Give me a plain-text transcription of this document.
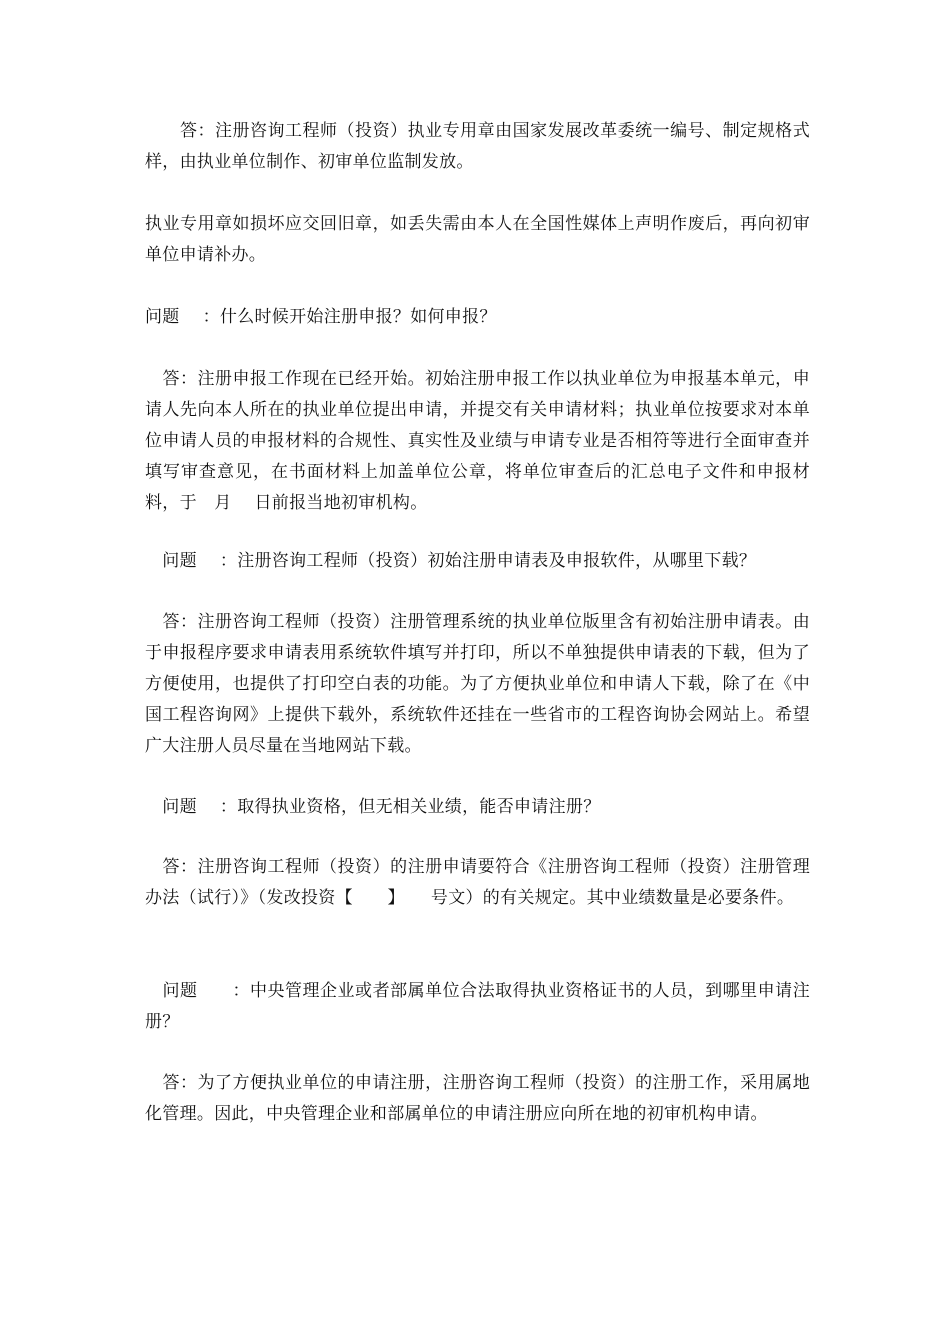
　　答：注册咨询工程师（投资）执业专用章由国家发展改革委统一编号、制定规格式样，由执业单位制作、初审单位监制发放。

执业专用章如损坏应交回旧章，如丢失需由本人在全国性媒体上声明作废后，再向初审单位申请补办。

问题　 ：什么时候开始注册申报？如何申报？

　答：注册申报工作现在已经开始。初始注册申报工作以执业单位为申报基本单元，申请人先向本人所在的执业单位提出申请，并提交有关申请材料；执业单位按要求对本单位申请人员的申报材料的合规性、真实性及业绩与申请专业是否相符等进行全面审查并填写审查意见，在书面材料上加盖单位公章，将单位审查后的汇总电子文件和申报材料，于　月　 日前报当地初审机构。

　问题　 ：注册咨询工程师（投资）初始注册申请表及申报软件，从哪里下载？

　答：注册咨询工程师（投资）注册管理系统的执业单位版里含有初始注册申请表。由于申报程序要求申请表用系统软件填写并打印，所以不单独提供申请表的下载，但为了方便使用，也提供了打印空白表的功能。为了方便执业单位和申请人下载，除了在《中国工程咨询网》上提供下载外，系统软件还挂在一些省市的工程咨询协会网站上。希望广大注册人员尽量在当地网站下载。

　问题　 ：取得执业资格，但无相关业绩，能否申请注册？

　答：注册咨询工程师（投资）的注册申请要符合《注册咨询工程师（投资）注册管理办法（试行）》（发改投资【　　】　　号文）的有关规定。其中业绩数量是必要条件。

　问题　　：中央管理企业或者部属单位合法取得执业资格证书的人员，到哪里申请注册？

　答：为了方便执业单位的申请注册，注册咨询工程师（投资）的注册工作，采用属地化管理。因此，中央管理企业和部属单位的申请注册应向所在地的初审机构申请。
